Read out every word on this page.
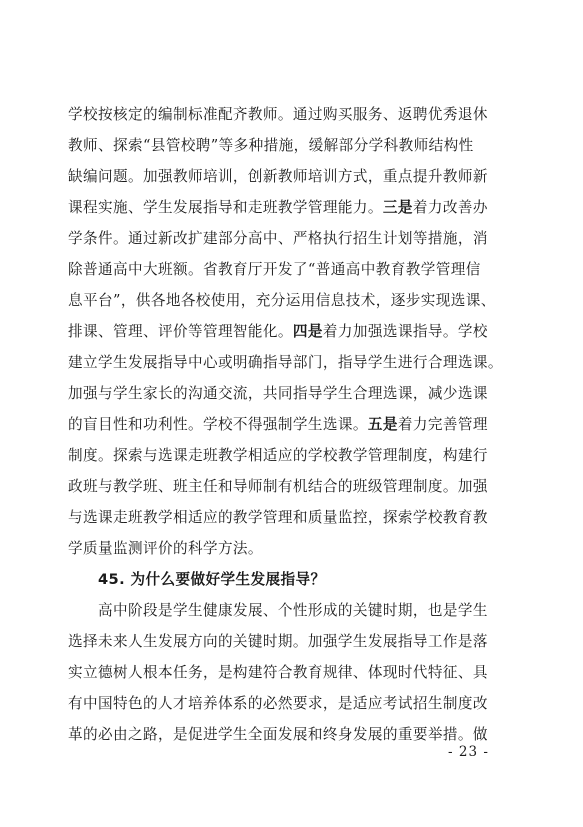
学校按核定的编制标准配齐教师。通过购买服务、返聘优秀退休
教师、探索“县管校聘”等多种措施，缓解部分学科教师结构性
缺编问题。加强教师培训，创新教师培训方式，重点提升教师新
课程实施、学生发展指导和走班教学管理能力。三是着力改善办
学条件。通过新改扩建部分高中、严格执行招生计划等措施，消
除普通高中大班额。省教育厅开发了“普通高中教育教学管理信
息平台”，供各地各校使用，充分运用信息技术，逐步实现选课、
排课、管理、评价等管理智能化。四是着力加强选课指导。学校
建立学生发展指导中心或明确指导部门，指导学生进行合理选课。
加强与学生家长的沟通交流，共同指导学生合理选课，减少选课
的盲目性和功利性。学校不得强制学生选课。五是着力完善管理
制度。探索与选课走班教学相适应的学校教学管理制度，构建行
政班与教学班、班主任和导师制有机结合的班级管理制度。加强
与选课走班教学相适应的教学管理和质量监控，探索学校教育教
学质量监测评价的科学方法。
45. 为什么要做好学生发展指导？
高中阶段是学生健康发展、个性形成的关键时期，也是学生
选择未来人生发展方向的关键时期。加强学生发展指导工作是落
实立德树人根本任务，是构建符合教育规律、体现时代特征、具
有中国特色的人才培养体系的必然要求，是适应考试招生制度改
革的必由之路，是促进学生全面发展和终身发展的重要举措。做
- 23 -
